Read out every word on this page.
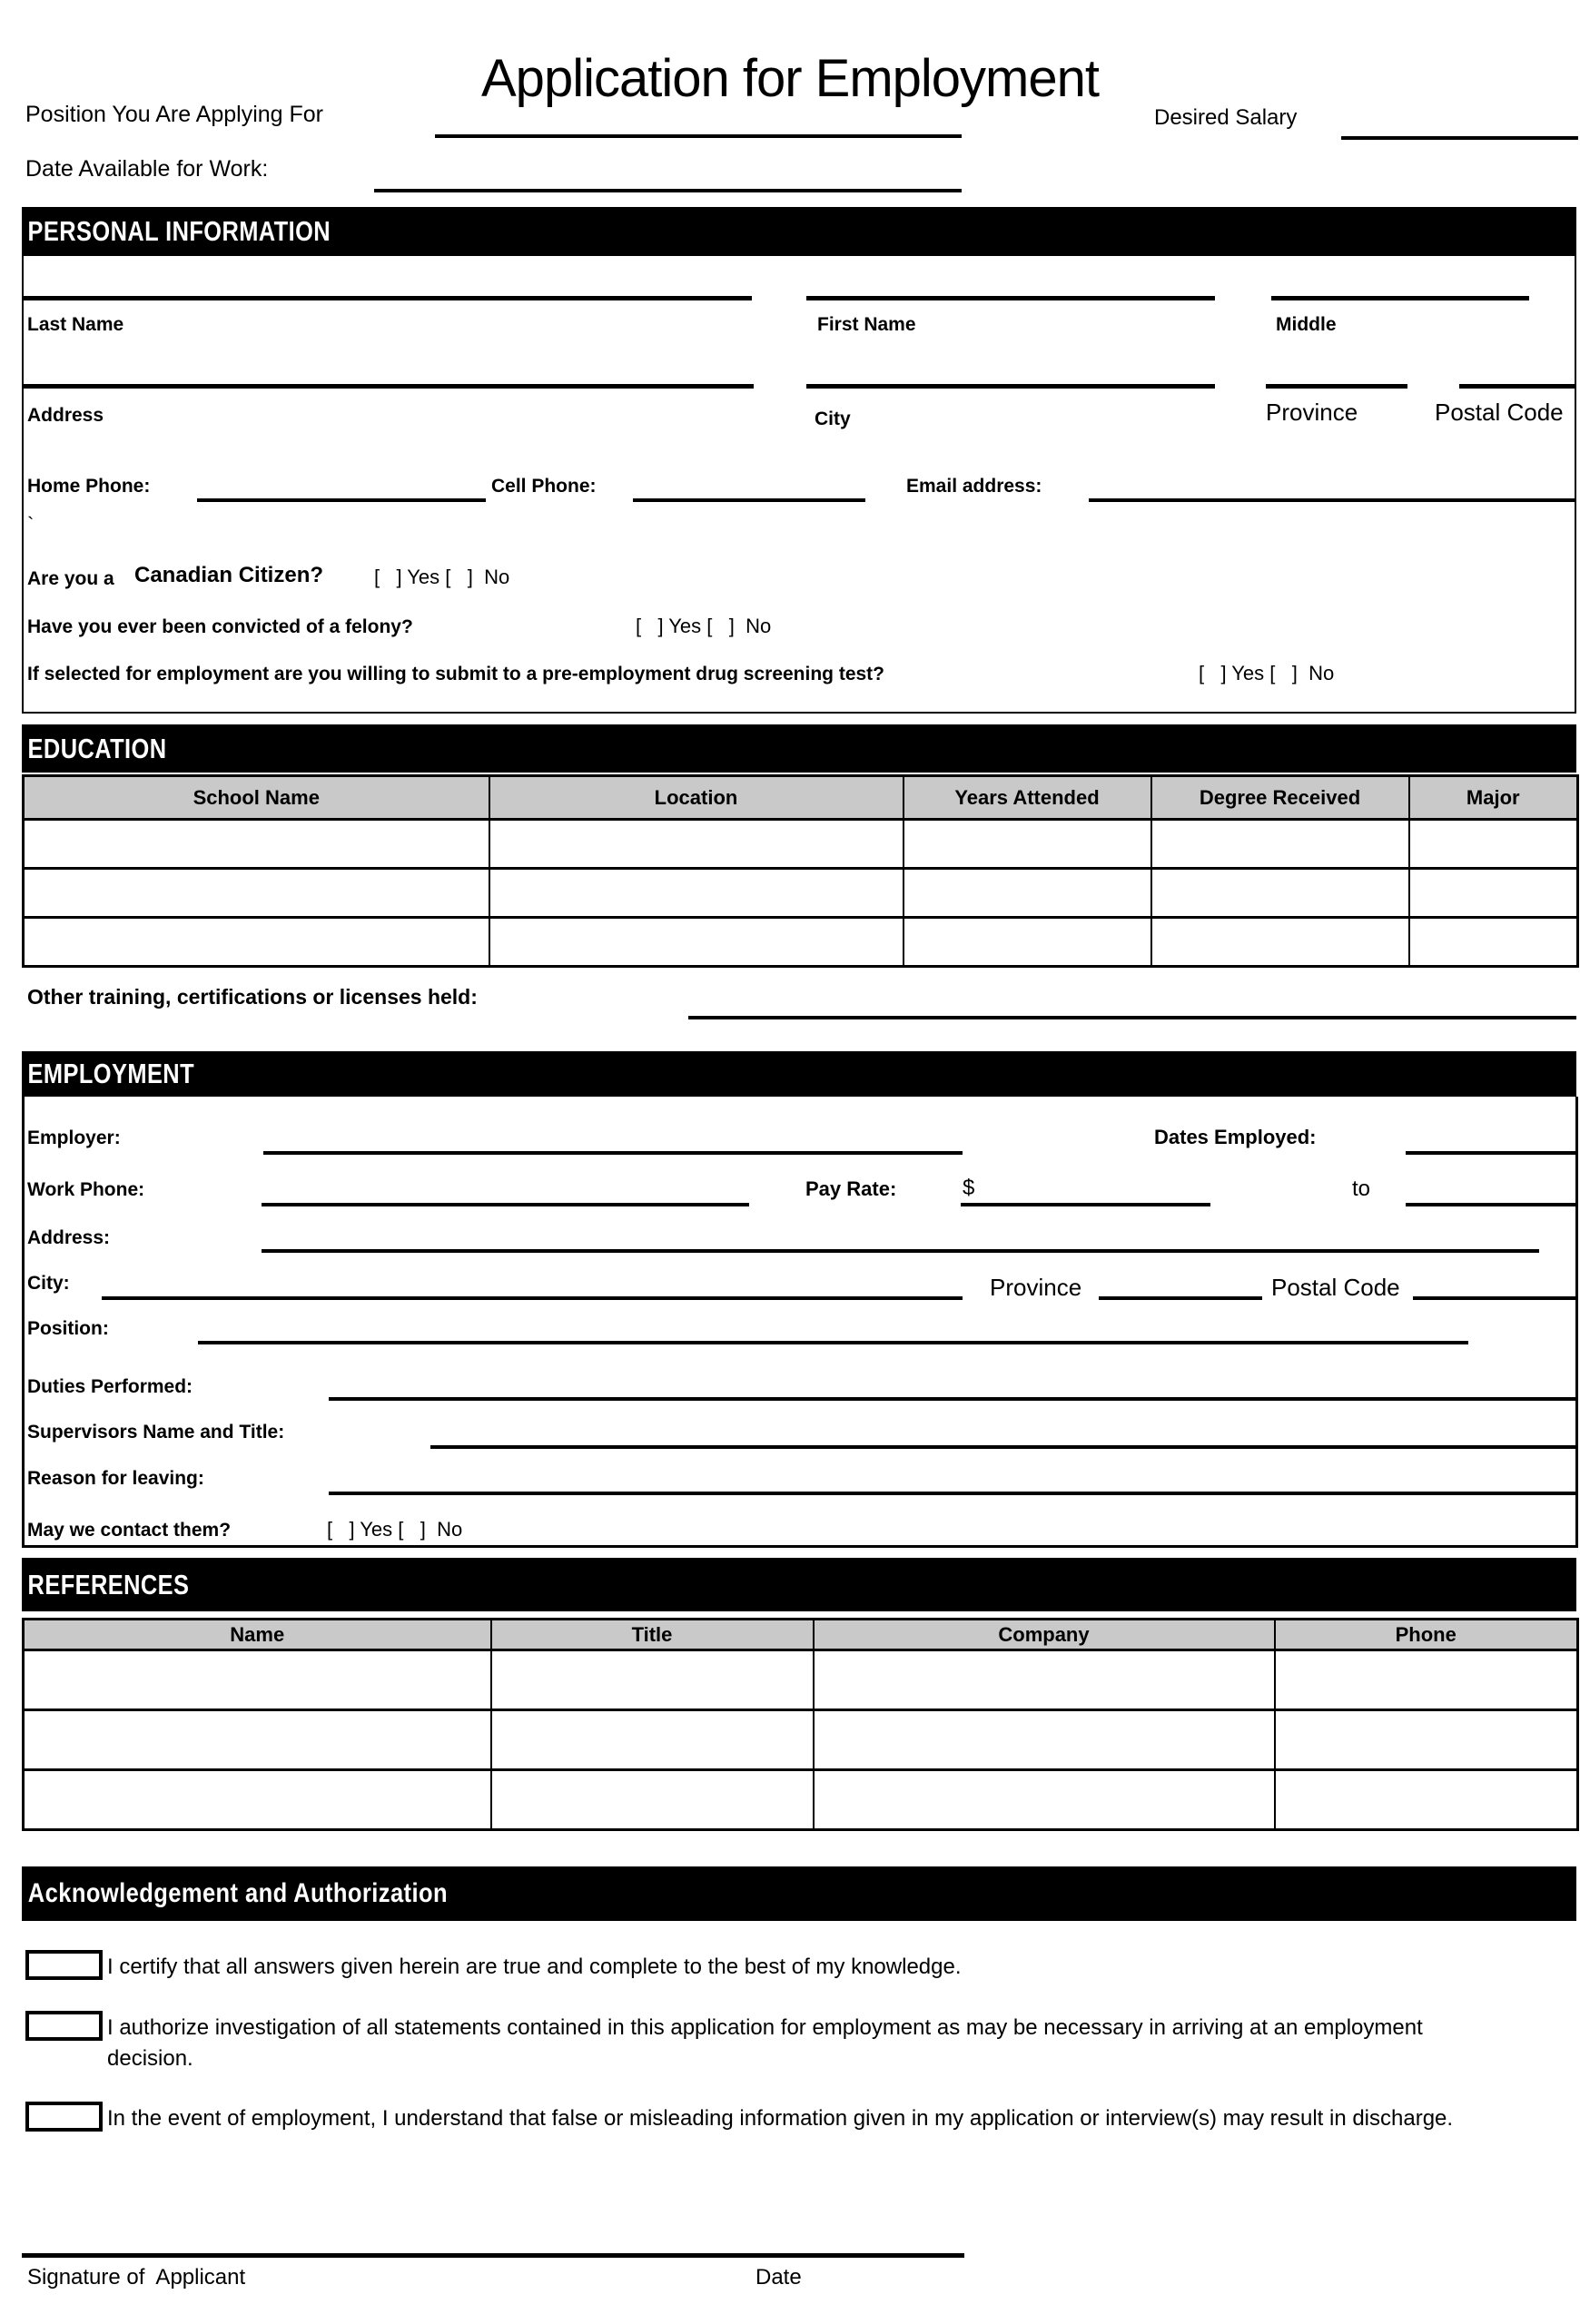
Application for Employment
Position You Are Applying For	Desired Salary
Date Available for Work:
PERSONAL INFORMATION
Last Name	First Name	Middle
Address	City	Province	Postal Code
Home Phone:	Cell Phone:	Email address:
`
Are you a Canadian Citizen?	[   ] Yes [   ]  No
Have you ever been convicted of a felony?	[   ] Yes [   ]  No
If selected for employment are you willing to submit to a pre-employment drug screening test?	[   ] Yes [   ]  No
EDUCATION
School Name	Location	Years Attended	Degree Received	Major

Other training, certifications or licenses held:
EMPLOYMENT
Employer:	Dates Employed:
Work Phone:	Pay Rate:	$	to
Address:
City:	Province	Postal Code
Position:
Duties Performed:
Supervisors Name and Title:
Reason for leaving:
May we contact them?	[   ] Yes [   ]  No
REFERENCES
Name	Title	Company	Phone

Acknowledgement and Authorization
I certify that all answers given herein are true and complete to the best of my knowledge.
I authorize investigation of all statements contained in this application for employment as may be necessary in arriving at an employment decision.
In the event of employment, I understand that false or misleading information given in my application or interview(s) may result in discharge.
Signature of  Applicant	Date
